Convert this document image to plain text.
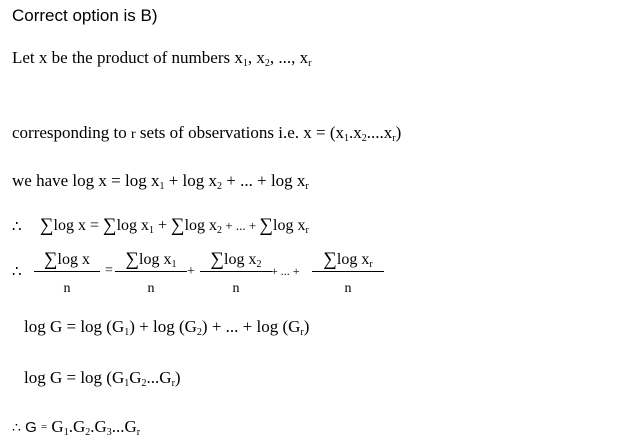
Correct option is B)
Let x be the product of numbers $x_1$, $x_2$, ..., $x_r$
corresponding to r sets of observations i.e. $x = (x_1.x_2....x_r)$
we have $\log x = \log x_1 + \log x_2$ + ... + $\log x_r$
∴ ∑log x = ∑log $x_1 + \sum\log$ $x_2$ + ... + ∑log $x_r$
∴ $\frac{\text{∑log x}}{n} = \frac{\sum\log x_1}{n} + \frac{\sum\log x_2}{n}$ + ... + $\frac{\sum\log x_r}{n}$
$\log G = \log (G_1) + \log (G_2)$ + ... + $\log (G_r)$
$\log G = \log (G_1G_2...G_r)$
∴ $G = G_1.G_2.G_3...G_r$
